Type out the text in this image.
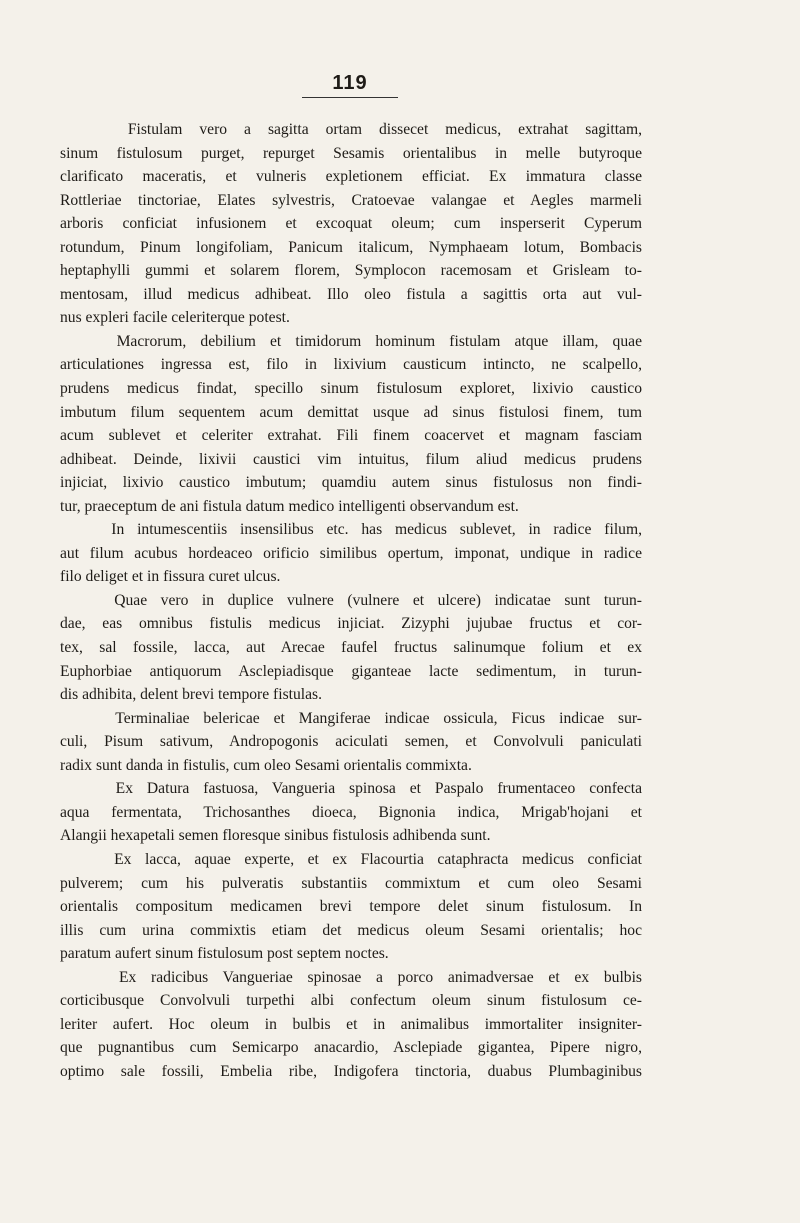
119
Fistulam vero a sagitta ortam dissecet medicus, extrahat sagittam,
sinum fistulosum purget, repurget Sesamis orientalibus in melle butyroque
clarificato maceratis, et vulneris expletionem efficiat. Ex immatura classe
Rottleriae tinctoriae, Elates sylvestris, Cratoevae valangae et Aegles marmeli
arboris conficiat infusionem et excoquat oleum; cum insperserit Cyperum
rotundum, Pinum longifoliam, Panicum italicum, Nymphaeam lotum, Bombacis
heptaphylli gummi et solarem florem, Symplocon racemosam et Grisleam to-
mentosam, illud medicus adhibeat. Illo oleo fistula a sagittis orta aut vul-
nus expleri facile celeriterque potest.
Macrorum, debilium et timidorum hominum fistulam atque illam, quae
articulationes ingressa est, filo in lixivium causticum intincto, ne scalpello,
prudens medicus findat, specillo sinum fistulosum exploret, lixivio caustico
imbutum filum sequentem acum demittat usque ad sinus fistulosi finem, tum
acum sublevet et celeriter extrahat. Fili finem coacervet et magnam fasciam
adhibeat. Deinde, lixivii caustici vim intuitus, filum aliud medicus prudens
injiciat, lixivio caustico imbutum; quamdiu autem sinus fistulosus non findi-
tur, praeceptum de ani fistula datum medico intelligenti observandum est.
In intumescentiis insensilibus etc. has medicus sublevet, in radice filum,
aut filum acubus hordeaceo orificio similibus opertum, imponat, undique in radice
filo deliget et in fissura curet ulcus.
Quae vero in duplice vulnere (vulnere et ulcere) indicatae sunt turun-
dae, eas omnibus fistulis medicus injiciat. Zizyphi jujubae fructus et cor-
tex, sal fossile, lacca, aut Arecae faufel fructus salinumque folium et ex
Euphorbiae antiquorum Asclepiadisque giganteae lacte sedimentum, in turun-
dis adhibita, delent brevi tempore fistulas.
Terminaliae belericae et Mangiferae indicae ossicula, Ficus indicae sur-
culi, Pisum sativum, Andropogonis aciculati semen, et Convolvuli paniculati
radix sunt danda in fistulis, cum oleo Sesami orientalis commixta.
Ex Datura fastuosa, Vangueria spinosa et Paspalo frumentaceo confecta
aqua fermentata, Trichosanthes dioeca, Bignonia indica, Mrigab'hojani et
Alangii hexapetali semen floresque sinibus fistulosis adhibenda sunt.
Ex lacca, aquae experte, et ex Flacourtia cataphracta medicus conficiat
pulverem; cum his pulveratis substantiis commixtum et cum oleo Sesami
orientalis compositum medicamen brevi tempore delet sinum fistulosum. In
illis cum urina commixtis etiam det medicus oleum Sesami orientalis; hoc
paratum aufert sinum fistulosum post septem noctes.
Ex radicibus Vangueriae spinosae a porco animadversae et ex bulbis
corticibusque Convolvuli turpethi albi confectum oleum sinum fistulosum ce-
leriter aufert. Hoc oleum in bulbis et in animalibus immortaliter insigniter-
que pugnantibus cum Semicarpo anacardio, Asclepiade gigantea, Pipere nigro,
optimo sale fossili, Embelia ribe, Indigofera tinctoria, duabus Plumbaginibus
